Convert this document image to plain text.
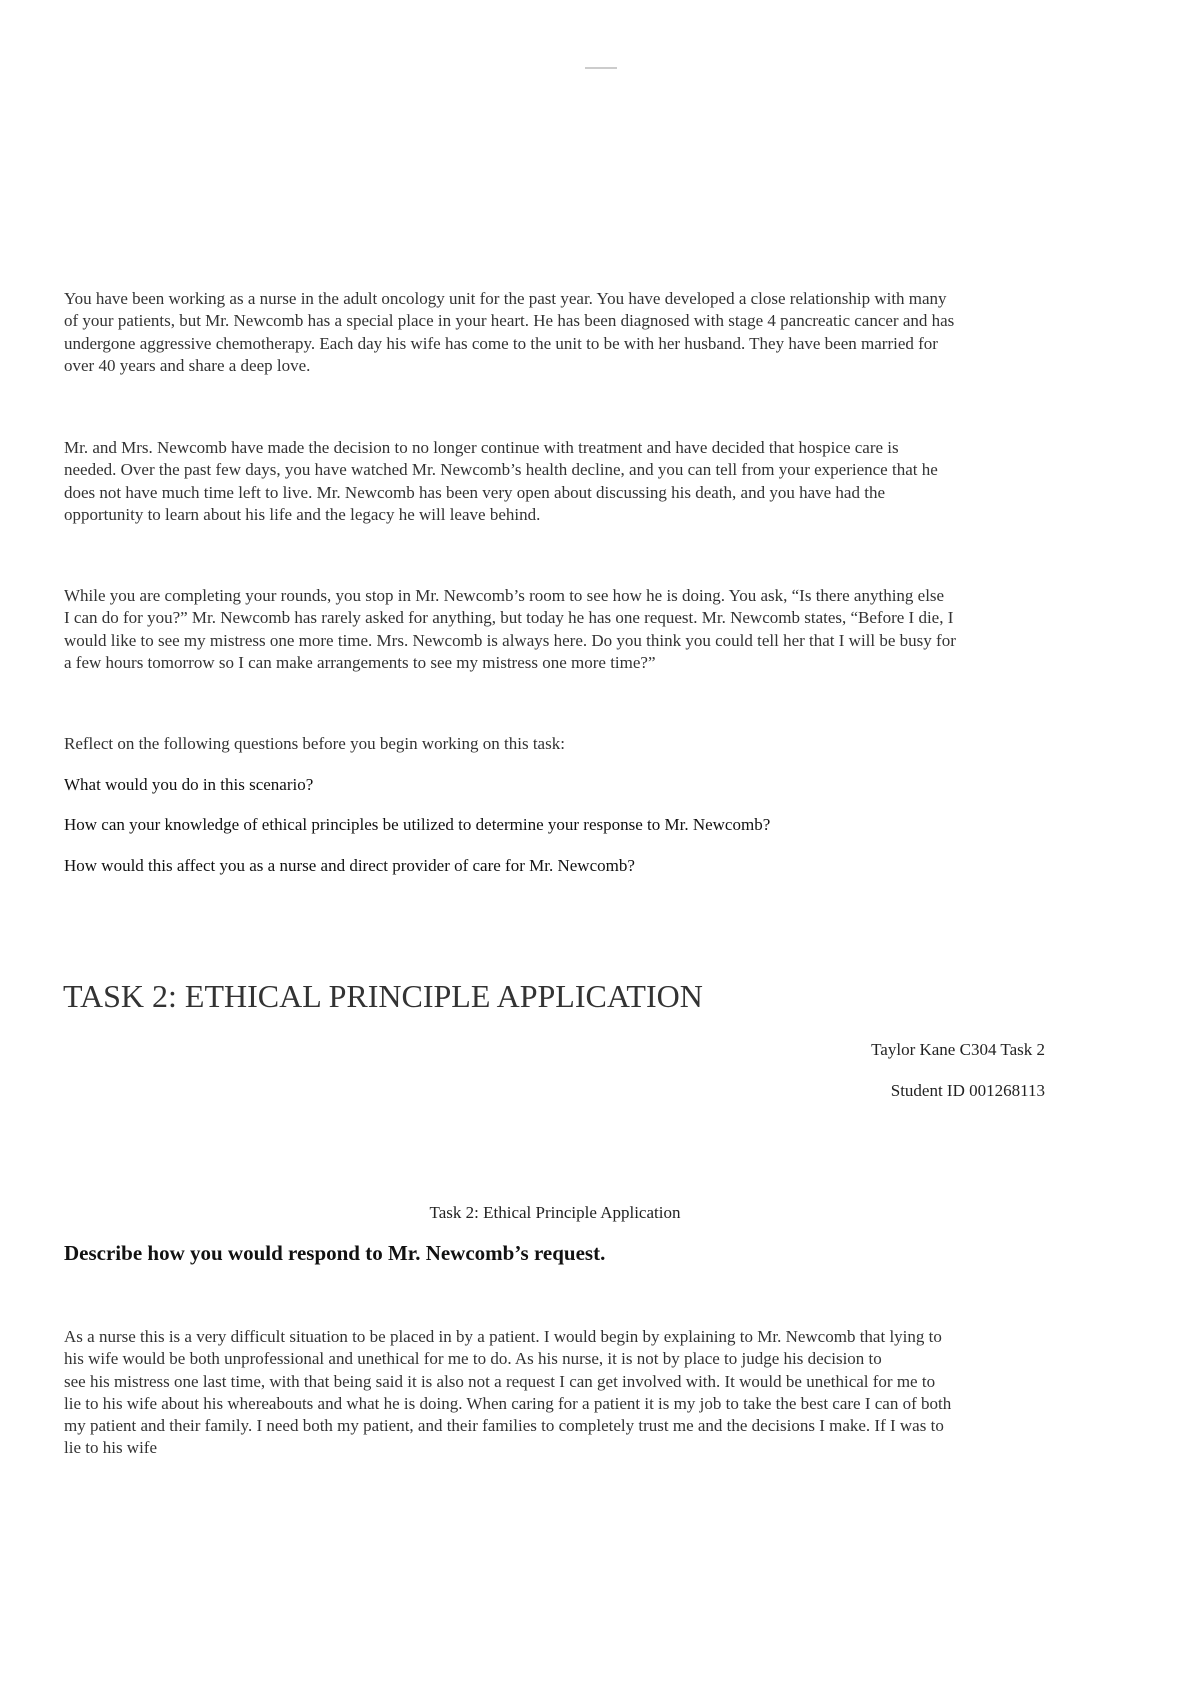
You have been working as a nurse in the adult oncology unit for the past year. You have developed a close relationship with many
of your patients, but Mr. Newcomb has a special place in your heart. He has been diagnosed with stage 4 pancreatic cancer and has
undergone aggressive chemotherapy. Each day his wife has come to the unit to be with her husband. They have been married for
over 40 years and share a deep love.
Mr. and Mrs. Newcomb have made the decision to no longer continue with treatment and have decided that hospice care is
needed. Over the past few days, you have watched Mr. Newcomb’s health decline, and you can tell from your experience that he
does not have much time left to live. Mr. Newcomb has been very open about discussing his death, and you have had the
opportunity to learn about his life and the legacy he will leave behind.
While you are completing your rounds, you stop in Mr. Newcomb’s room to see how he is doing. You ask, “Is there anything else
I can do for you?” Mr. Newcomb has rarely asked for anything, but today he has one request. Mr. Newcomb states, “Before I die, I
would like to see my mistress one more time. Mrs. Newcomb is always here. Do you think you could tell her that I will be busy for
a few hours tomorrow so I can make arrangements to see my mistress one more time?”
Reflect on the following questions before you begin working on this task:
What would you do in this scenario?
How can your knowledge of ethical principles be utilized to determine your response to Mr. Newcomb?
How would this affect you as a nurse and direct provider of care for Mr. Newcomb?
TASK 2: ETHICAL PRINCIPLE APPLICATION
Taylor Kane C304 Task 2
Student ID 001268113
Task 2: Ethical Principle Application
Describe how you would respond to Mr. Newcomb’s request.
As a nurse this is a very difficult situation to be placed in by a patient. I would begin by explaining to Mr. Newcomb that lying to
his wife would be both unprofessional and unethical for me to do. As his nurse, it is not by place to judge his decision to
see his mistress one last time, with that being said it is also not a request I can get involved with. It would be unethical for me to
lie to his wife about his whereabouts and what he is doing. When caring for a patient it is my job to take the best care I can of both
my patient and their family. I need both my patient, and their families to completely trust me and the decisions I make. If I was to
lie to his wife
